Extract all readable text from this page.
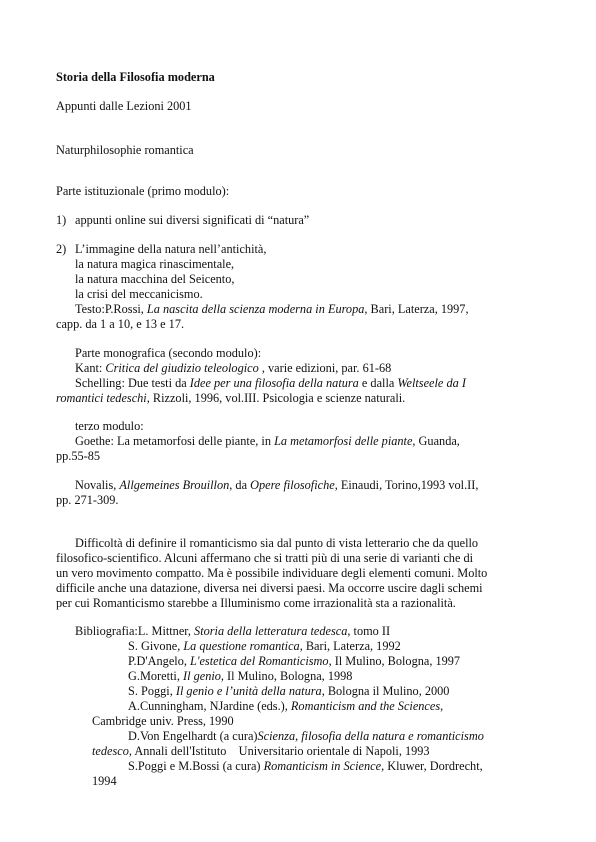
Storia della Filosofia moderna
Appunti dalle Lezioni 2001
Naturphilosophie romantica
Parte istituzionale (primo modulo):
1) appunti online sui diversi significati di “natura”
2) L’immagine della natura nell’antichità,
la natura magica rinascimentale,
la natura macchina del Seicento,
la crisi del meccanicismo.
Testo:P.Rossi, La nascita della scienza moderna in Europa, Bari, Laterza, 1997,
capp. da 1 a 10, e 13 e 17.
Parte monografica (secondo modulo):
Kant: Critica del giudizio teleologico , varie edizioni, par. 61-68
Schelling: Due testi da Idee per una filosofia della natura e dalla Weltseele da I
romantici tedeschi, Rizzoli, 1996, vol.III. Psicologia e scienze naturali.
terzo modulo:
Goethe: La metamorfosi delle piante, in La metamorfosi delle piante, Guanda,
pp.55-85
Novalis, Allgemeines Brouillon, da Opere filosofiche, Einaudi, Torino,1993 vol.II,
pp. 271-309.
Difficoltà di definire il romanticismo sia dal punto di vista letterario che da quello
filosofico-scientifico. Alcuni affermano che si tratti più di una serie di varianti che di
un vero movimento compatto. Ma è possibile individuare degli elementi comuni. Molto
difficile anche una datazione, diversa nei diversi paesi. Ma occorre uscire dagli schemi
per cui Romanticismo starebbe a Illuminismo come irrazionalità sta a razionalità.
Bibliografia:L. Mittner, Storia della letteratura tedesca, tomo II
S. Givone, La questione romantica, Bari, Laterza, 1992
P.D'Angelo, L'estetica del Romanticismo, Il Mulino, Bologna, 1997
G.Moretti, Il genio, Il Mulino, Bologna, 1998
S. Poggi, Il genio e l’unità della natura, Bologna il Mulino, 2000
A.Cunningham, NJardine (eds.), Romanticism and the Sciences,
Cambridge univ. Press, 1990
D.Von Engelhardt (a cura)Scienza, filosofia della natura e romanticismo
tedesco, Annali dell'Istituto    Universitario orientale di Napoli, 1993
S.Poggi e M.Bossi (a cura) Romanticism in Science, Kluwer, Dordrecht,
1994
